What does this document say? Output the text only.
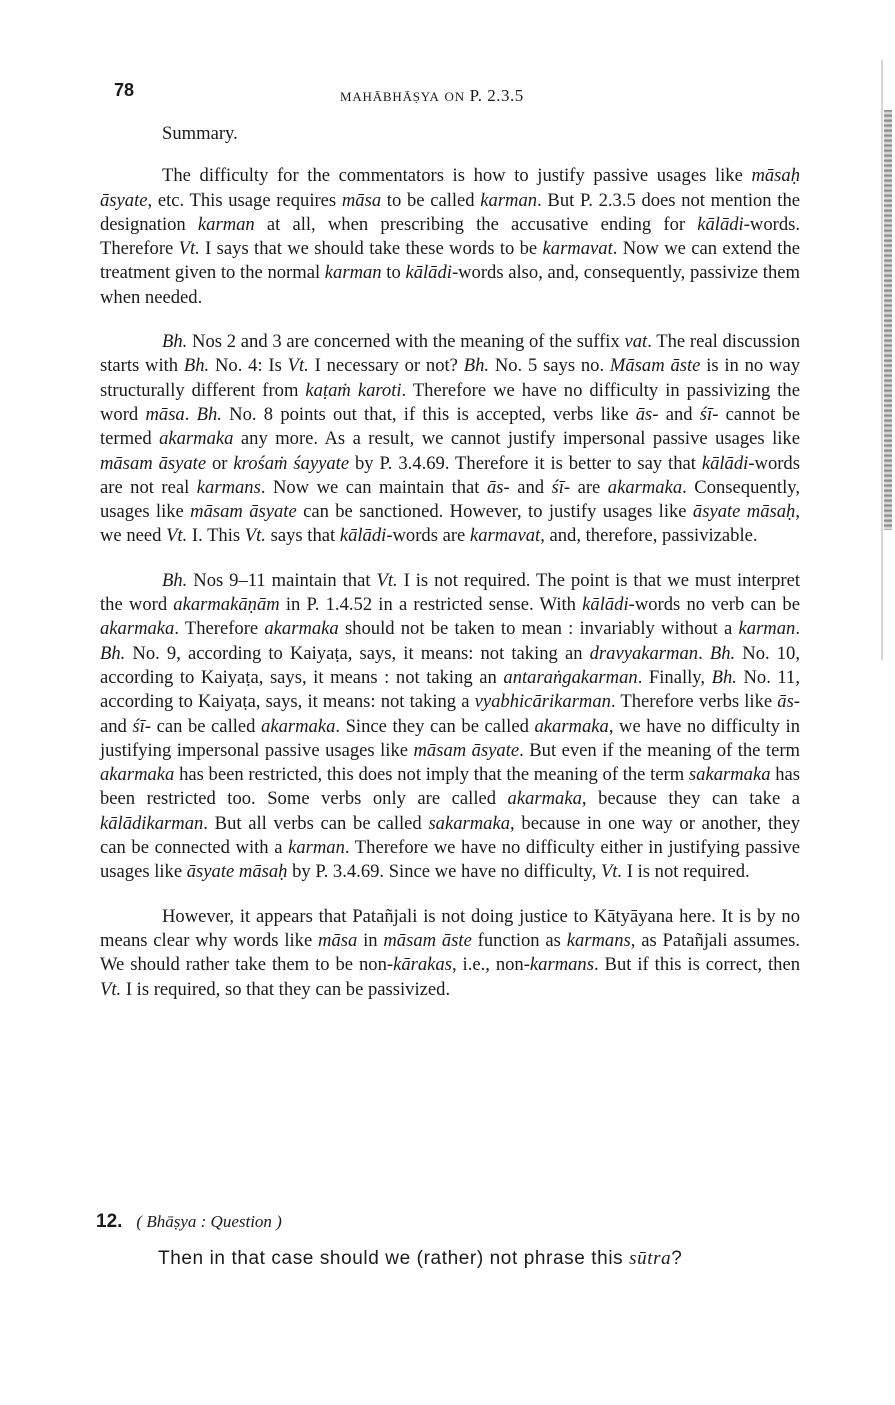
78	MAHĀBHĀṢYA ON P. 2.3.5

Summary.

The difficulty for the commentators is how to justify passive usages like māsaḥ āsyate, etc. This usage requires māsa to be called karman. But P. 2.3.5 does not mention the designation karman at all, when prescribing the accusative ending for kālādi-words. Therefore Vt. I says that we should take these words to be karmavat. Now we can extend the treatment given to the normal karman to kālādi-words also, and, consequently, passivize them when needed.

Bh. Nos 2 and 3 are concerned with the meaning of the suffix vat. The real discussion starts with Bh. No. 4: Is Vt. I necessary or not? Bh. No. 5 says no. Māsam āste is in no way structurally different from kaṭaṁ karoti. Therefore we have no difficulty in passivizing the word māsa. Bh. No. 8 points out that, if this is accepted, verbs like ās- and śī- cannot be termed akarmaka any more. As a result, we cannot justify impersonal passive usages like māsam āsyate or krośaṁ śayyate by P. 3.4.69. Therefore it is better to say that kālādi-words are not real karmans. Now we can maintain that ās- and śī- are akarmaka. Consequently, usages like māsam āsyate can be sanctioned. However, to justify usages like āsyate māsaḥ, we need Vt. I. This Vt. says that kālādi-words are karmavat, and, therefore, passivizable.

Bh. Nos 9–11 maintain that Vt. I is not required. The point is that we must interpret the word akarmakāṇām in P. 1.4.52 in a restricted sense. With kālādi-words no verb can be akarmaka. Therefore akarmaka should not be taken to mean : invariably without a karman. Bh. No. 9, according to Kaiyaṭa, says, it means: not taking an dravyakarman. Bh. No. 10, according to Kaiyaṭa, says, it means : not taking an antaraṅgakarman. Finally, Bh. No. 11, according to Kaiyaṭa, says, it means: not taking a vyabhicārikarman. Therefore verbs like ās- and śī- can be called akarmaka. Since they can be called akarmaka, we have no difficulty in justifying impersonal passive usages like māsam āsyate. But even if the meaning of the term akarmaka has been restricted, this does not imply that the meaning of the term sakarmaka has been restricted too. Some verbs only are called akarmaka, because they can take a kālādikarman. But all verbs can be called sakarmaka, because in one way or another, they can be connected with a karman. Therefore we have no difficulty either in justifying passive usages like āsyate māsaḥ by P. 3.4.69. Since we have no difficulty, Vt. I is not required.

However, it appears that Patañjali is not doing justice to Kātyāyana here. It is by no means clear why words like māsa in māsam āste function as karmans, as Patañjali assumes. We should rather take them to be non-kārakas, i.e., non-karmans. But if this is correct, then Vt. I is required, so that they can be passivized.

12. ( Bhāṣya : Question )
Then in that case should we (rather) not phrase this sūtra?
